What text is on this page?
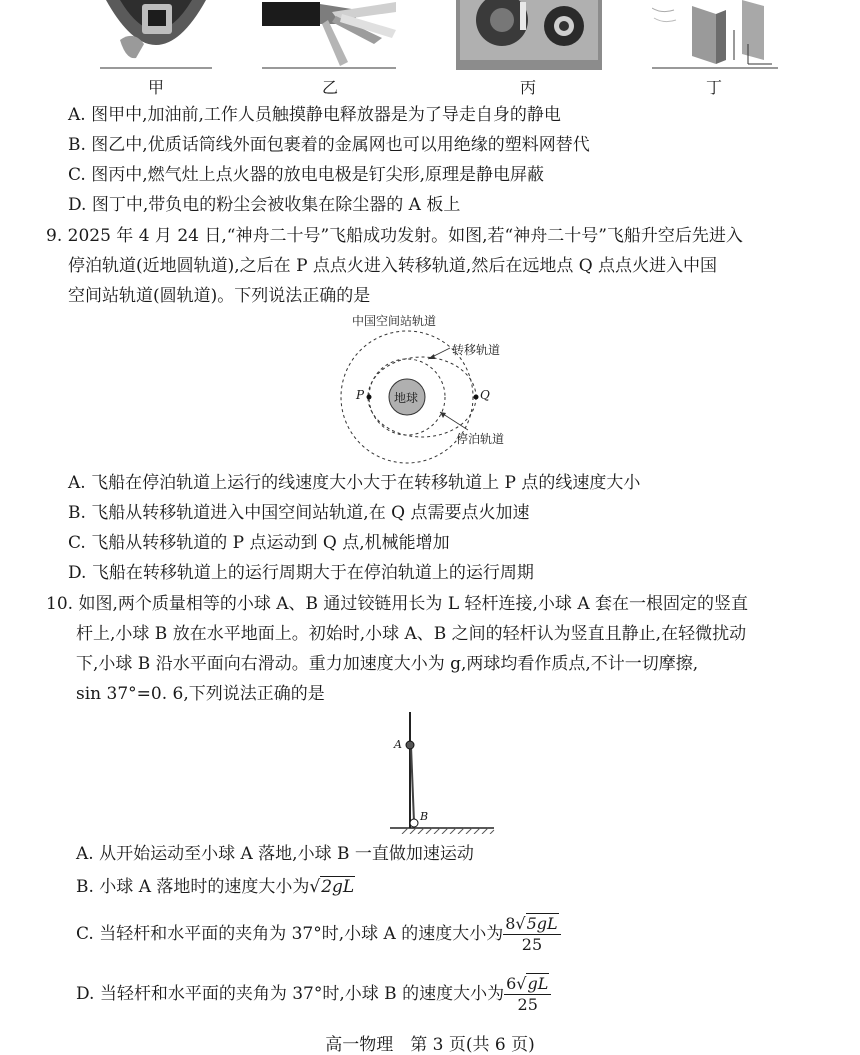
甲	乙	丙	丁
A. 图甲中,加油前,工作人员触摸静电释放器是为了导走自身的静电
B. 图乙中,优质话筒线外面包裹着的金属网也可以用绝缘的塑料网替代
C. 图丙中,燃气灶上点火器的放电电极是钉尖形,原理是静电屏蔽
D. 图丁中,带负电的粉尘会被收集在除尘器的 A 板上
9. 2025 年 4 月 24 日,“神舟二十号”飞船成功发射。如图,若“神舟二十号”飞船升空后先进入
停泊轨道(近地圆轨道),之后在 P 点点火进入转移轨道,然后在远地点 Q 点点火进入中国
空间站轨道(圆轨道)。下列说法正确的是
中国空间站轨道
转移轨道
地球
P	Q
停泊轨道
A. 飞船在停泊轨道上运行的线速度大小大于在转移轨道上 P 点的线速度大小
B. 飞船从转移轨道进入中国空间站轨道,在 Q 点需要点火加速
C. 飞船从转移轨道的 P 点运动到 Q 点,机械能增加
D. 飞船在转移轨道上的运行周期大于在停泊轨道上的运行周期
10. 如图,两个质量相等的小球 A、B 通过铰链用长为 L 轻杆连接,小球 A 套在一根固定的竖直
杆上,小球 B 放在水平地面上。初始时,小球 A、B 之间的轻杆认为竖直且静止,在轻微扰动
下,小球 B 沿水平面向右滑动。重力加速度大小为 g,两球均看作质点,不计一切摩擦,
sin 37°=0. 6,下列说法正确的是
A
B
A. 从开始运动至小球 A 落地,小球 B 一直做加速运动
B. 小球 A 落地时的速度大小为√2gL
C. 当轻杆和水平面的夹角为 37°时,小球 A 的速度大小为 $\frac{8√5gL}{25}$
D. 当轻杆和水平面的夹角为 37°时,小球 B 的速度大小为 $\frac{6√gL}{25}$
高一物理　第 3 页(共 6 页)
